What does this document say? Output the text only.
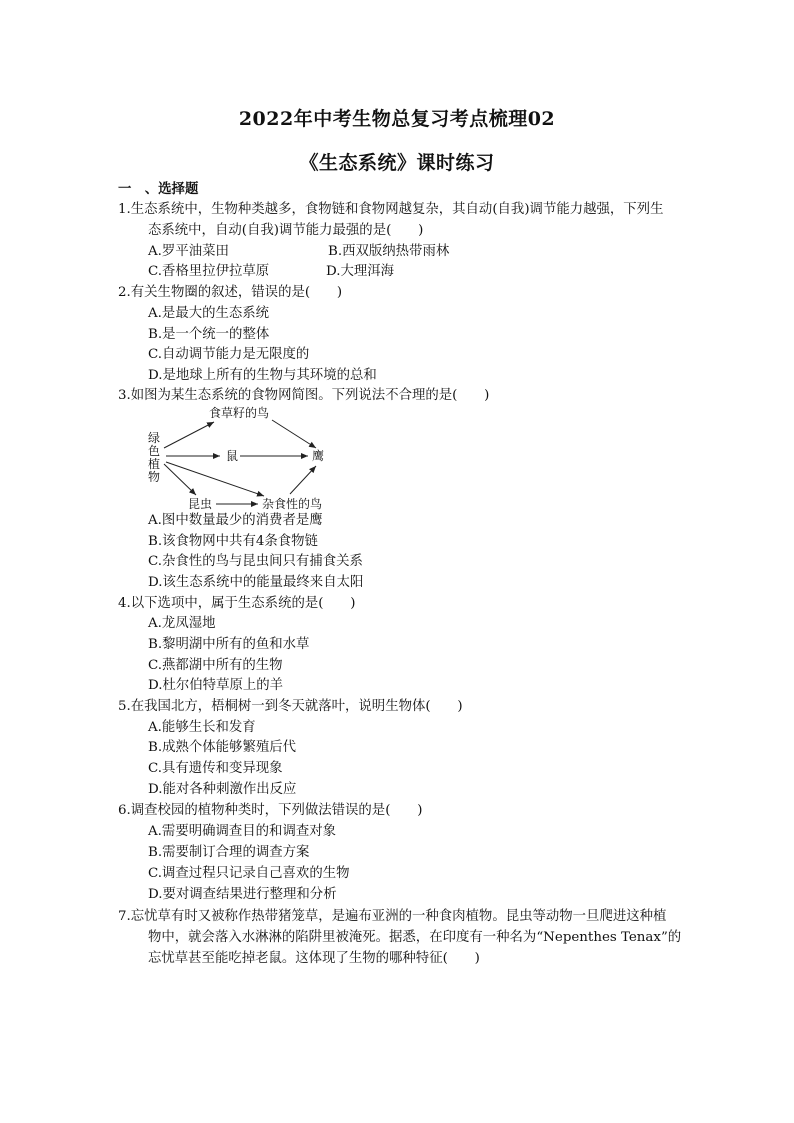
2022年中考生物总复习考点梳理02
《生态系统》课时练习
一　、选择题
1.生态系统中，生物种类越多，食物链和食物网越复杂，其自动(自我)调节能力越强，下列生
态系统中，自动(自我)调节能力最强的是(　　)
A.罗平油菜田	B.西双版纳热带雨林
C.香格里拉伊拉草原	D.大理洱海
2.有关生物圈的叙述，错误的是(　　)
A.是最大的生态系统
B.是一个统一的整体
C.自动调节能力是无限度的
D.是地球上所有的生物与其环境的总和
3.如图为某生态系统的食物网简图。下列说法不合理的是(　　)
绿
色
植
物
食草籽的鸟
鼠	鹰
昆虫	杂食性的鸟
A.图中数量最少的消费者是鹰
B.该食物网中共有4条食物链
C.杂食性的鸟与昆虫间只有捕食关系
D.该生态系统中的能量最终来自太阳
4.以下选项中，属于生态系统的是(　　)
A.龙凤湿地
B.黎明湖中所有的鱼和水草
C.燕都湖中所有的生物
D.杜尔伯特草原上的羊
5.在我国北方，梧桐树一到冬天就落叶，说明生物体(　　)
A.能够生长和发育
B.成熟个体能够繁殖后代
C.具有遗传和变异现象
D.能对各种刺激作出反应
6.调查校园的植物种类时，下列做法错误的是(　　)
A.需要明确调查目的和调查对象
B.需要制订合理的调查方案
C.调查过程只记录自己喜欢的生物
D.要对调查结果进行整理和分析
7.忘忧草有时又被称作热带猪笼草，是遍布亚洲的一种食肉植物。昆虫等动物一旦爬进这种植
物中，就会落入水淋淋的陷阱里被淹死。据悉，在印度有一种名为“Nepenthes Tenax”的
忘忧草甚至能吃掉老鼠。这体现了生物的哪种特征(　　)
